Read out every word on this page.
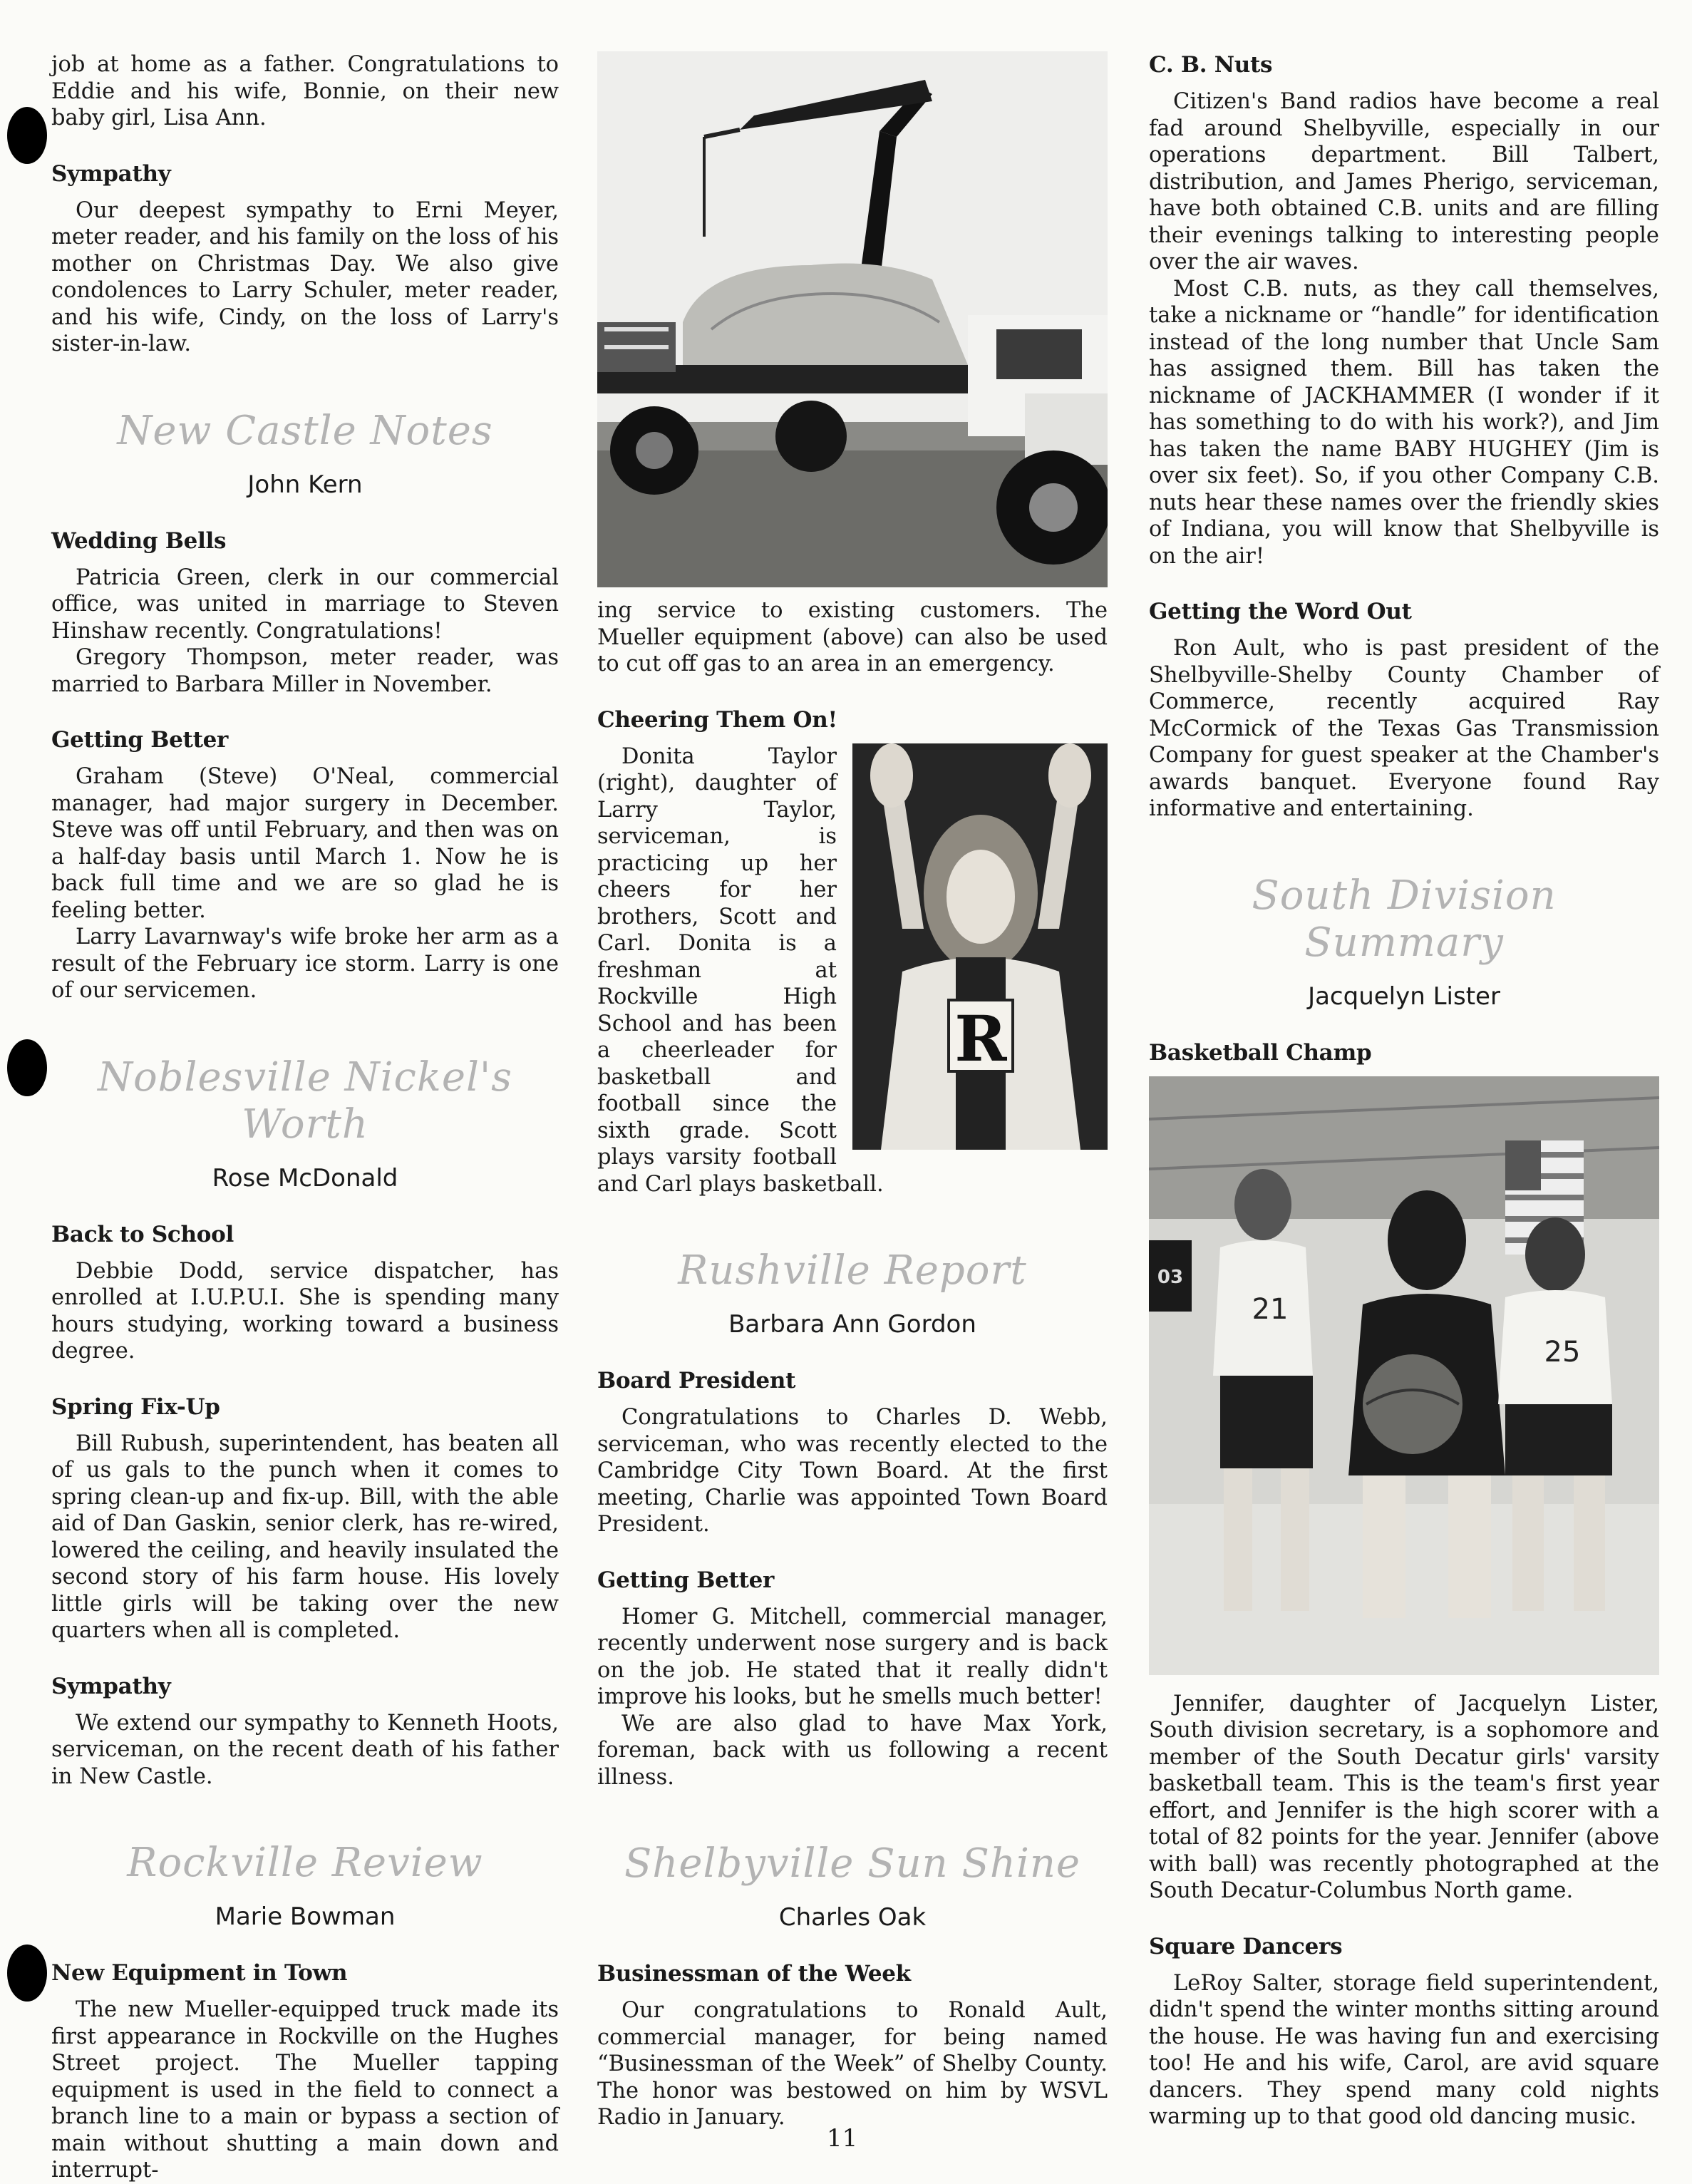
job at home as a father. Congratulations to Eddie and his wife, Bonnie, on their new baby girl, Lisa Ann.

Sympathy

Our deepest sympathy to Erni Meyer, meter reader, and his family on the loss of his mother on Christmas Day. We also give condolences to Larry Schuler, meter reader, and his wife, Cindy, on the loss of Larry's sister-in-law.

New Castle Notes
John Kern
Wedding Bells

Patricia Green, clerk in our commercial office, was united in marriage to Steven Hinshaw recently. Congratulations!

Gregory Thompson, meter reader, was married to Barbara Miller in November.

Getting Better

Graham (Steve) O'Neal, commercial manager, had major surgery in December. Steve was off until February, and then was on a half-day basis until March 1. Now he is back full time and we are so glad he is feeling better.

Larry Lavarnway's wife broke her arm as a result of the February ice storm. Larry is one of our servicemen.

Noblesville Nickel's Worth
Rose McDonald
Back to School

Debbie Dodd, service dispatcher, has enrolled at I.U.P.U.I. She is spending many hours studying, working toward a business degree.

Spring Fix-Up

Bill Rubush, superintendent, has beaten all of us gals to the punch when it comes to spring clean-up and fix-up. Bill, with the able aid of Dan Gaskin, senior clerk, has re-wired, lowered the ceiling, and heavily insulated the second story of his farm house. His lovely little girls will be taking over the new quarters when all is completed.

Sympathy

We extend our sympathy to Kenneth Hoots, serviceman, on the recent death of his father in New Castle.

Rockville Review
Marie Bowman
New Equipment in Town

The new Mueller-equipped truck made its first appearance in Rockville on the Hughes Street project. The Mueller tapping equipment is used in the field to connect a branch line to a main or bypass a section of main without shutting a main down and interrupt-

ing service to existing customers. The Mueller equipment (above) can also be used to cut off gas to an area in an emergency.

Cheering Them On!
R

Donita Taylor (right), daughter of Larry Taylor, serviceman, is practicing up her cheers for her brothers, Scott and Carl. Donita is a freshman at Rockville High School and has been a cheerleader for basketball and football since the sixth grade. Scott plays varsity football and Carl plays basketball.

Rushville Report
Barbara Ann Gordon
Board President

Congratulations to Charles D. Webb, serviceman, who was recently elected to the Cambridge City Town Board. At the first meeting, Charlie was appointed Town Board President.

Getting Better

Homer G. Mitchell, commercial manager, recently underwent nose surgery and is back on the job. He stated that it really didn't improve his looks, but he smells much better!

We are also glad to have Max York, foreman, back with us following a recent illness.

Shelbyville Sun Shine
Charles Oak
Businessman of the Week

Our congratulations to Ronald Ault, commercial manager, for being named “Businessman of the Week” of Shelby County. The honor was bestowed on him by WSVL Radio in January.

C. B. Nuts

Citizen's Band radios have become a real fad around Shelbyville, especially in our operations department. Bill Talbert, distribution, and James Pherigo, serviceman, have both obtained C.B. units and are filling their evenings talking to interesting people over the air waves.

Most C.B. nuts, as they call themselves, take a nickname or “handle” for identification instead of the long number that Uncle Sam has assigned them. Bill has taken the nickname of JACKHAMMER (I wonder if it has something to do with his work?), and Jim has taken the name BABY HUGHEY (Jim is over six feet). So, if you other Company C.B. nuts hear these names over the friendly skies of Indiana, you will know that Shelbyville is on the air!

Getting the Word Out

Ron Ault, who is past president of the Shelbyville-Shelby County Chamber of Commerce, recently acquired Ray McCormick of the Texas Gas Transmission Company for guest speaker at the Chamber's awards banquet. Everyone found Ray informative and entertaining.

South Division Summary
Jacquelyn Lister
Basketball Champ
03
21
25

Jennifer, daughter of Jacquelyn Lister, South division secretary, is a sophomore and member of the South Decatur girls' varsity basketball team. This is the team's first year effort, and Jennifer is the high scorer with a total of 82 points for the year. Jennifer (above with ball) was recently photographed at the South Decatur-Columbus North game.

Square Dancers

LeRoy Salter, storage field superintendent, didn't spend the winter months sitting around the house. He was having fun and exercising too! He and his wife, Carol, are avid square dancers. They spend many cold nights warming up to that good old dancing music.

11
